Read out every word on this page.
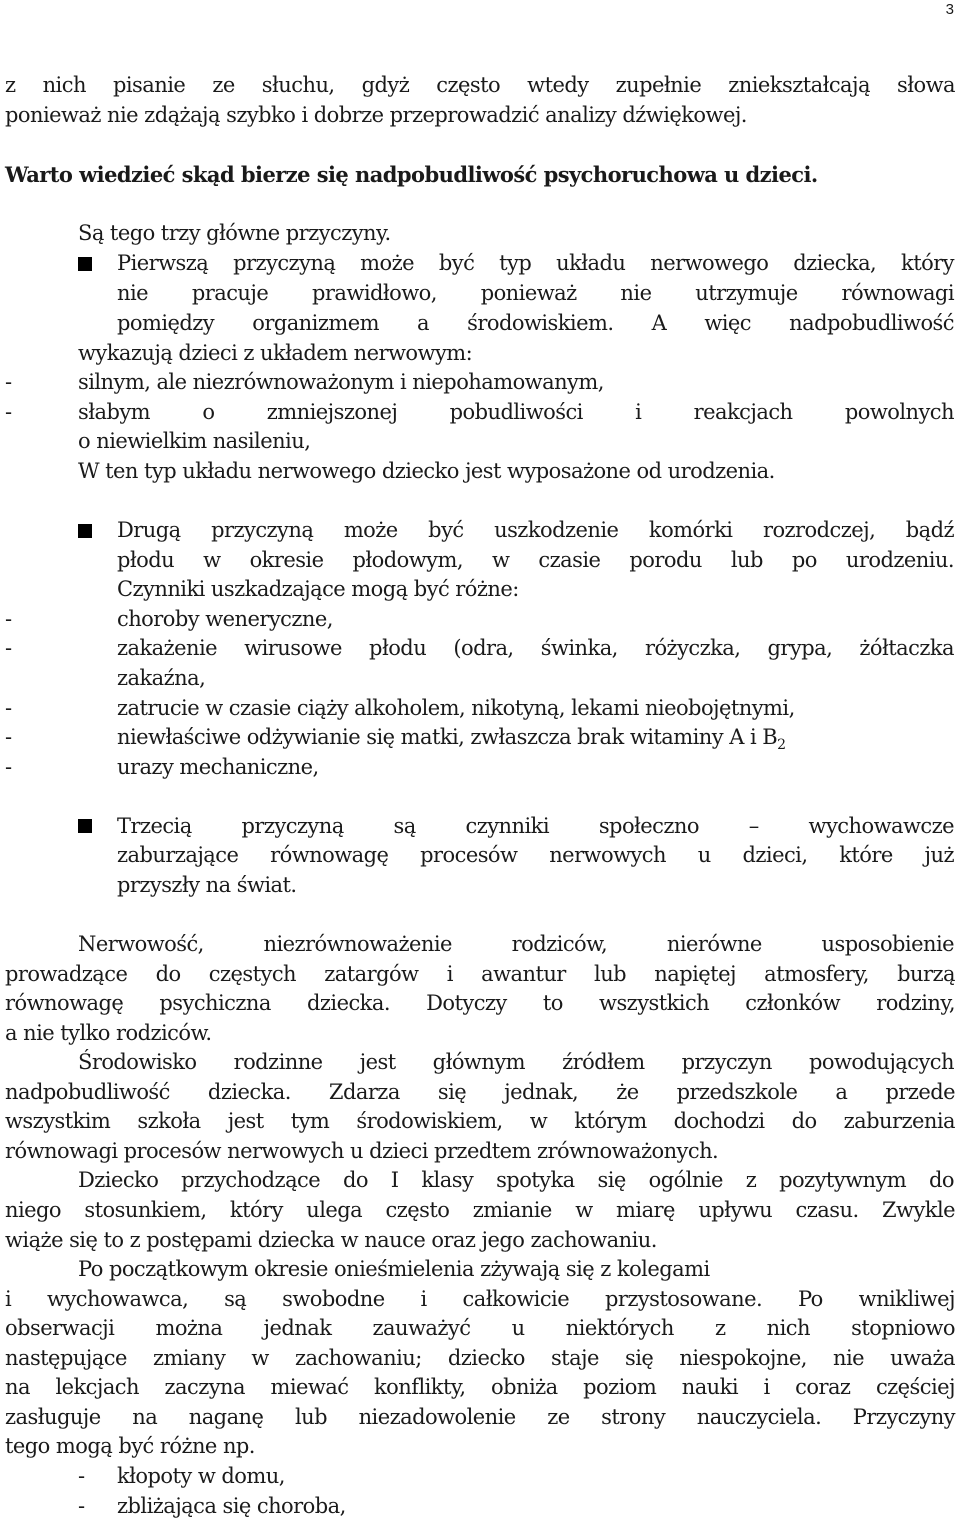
3
z nich pisanie ze słuchu, gdyż często wtedy zupełnie zniekształcają słowa
ponieważ nie zdążają szybko i dobrze przeprowadzić analizy dźwiękowej.
Warto wiedzieć skąd bierze się nadpobudliwość psychoruchowa u dzieci.
Są tego trzy główne przyczyny.
Pierwszą przyczyną może być typ układu nerwowego dziecka, który
nie pracuje prawidłowo, ponieważ nie utrzymuje równowagi
pomiędzy organizmem a środowiskiem. A więc nadpobudliwość
wykazują dzieci z układem nerwowym:
-	silnym, ale niezrównoważonym i niepohamowanym,
-	słabym o zmniejszonej pobudliwości i reakcjach powolnych
o niewielkim nasileniu,
W ten typ układu nerwowego dziecko jest wyposażone od urodzenia.
Drugą przyczyną może być uszkodzenie komórki rozrodczej, bądź
płodu w okresie płodowym, w czasie porodu lub po urodzeniu.
Czynniki uszkadzające mogą być różne:
-	choroby weneryczne,
-	zakażenie wirusowe płodu (odra, świnka, różyczka, grypa, żółtaczka
zakaźna,
-	zatrucie w czasie ciąży alkoholem, nikotyną, lekami nieobojętnymi,
-	niewłaściwe odżywianie się matki, zwłaszcza brak witaminy A i $B_2$
-	urazy mechaniczne,
Trzecią przyczyną są czynniki społeczno – wychowawcze
zaburzające równowagę procesów nerwowych u dzieci, które już
przyszły na świat.
Nerwowość, niezrównoważenie rodziców, nierówne usposobienie
prowadzące do częstych zatargów i awantur lub napiętej atmosfery, burzą
równowagę psychiczna dziecka. Dotyczy to wszystkich członków rodziny,
a nie tylko rodziców.
Środowisko rodzinne jest głównym źródłem przyczyn powodujących
nadpobudliwość dziecka. Zdarza się jednak, że przedszkole a przede
wszystkim szkoła jest tym środowiskiem, w którym dochodzi do zaburzenia
równowagi procesów nerwowych u dzieci przedtem zrównoważonych.
Dziecko przychodzące do I klasy spotyka się ogólnie z pozytywnym do
niego stosunkiem, który ulega często zmianie w miarę upływu czasu. Zwykle
wiąże się to z postępami dziecka w nauce oraz jego zachowaniu.
Po początkowym okresie onieśmielenia zżywają się z kolegami
i wychowawca, są swobodne i całkowicie przystosowane. Po wnikliwej
obserwacji można jednak zauważyć u niektórych z nich stopniowo
następujące zmiany w zachowaniu; dziecko staje się niespokojne, nie uważa
na lekcjach zaczyna miewać konflikty, obniża poziom nauki i coraz częściej
zasługuje na naganę lub niezadowolenie ze strony nauczyciela. Przyczyny
tego mogą być różne np.
- kłopoty w domu,
- zbliżająca się choroba,
